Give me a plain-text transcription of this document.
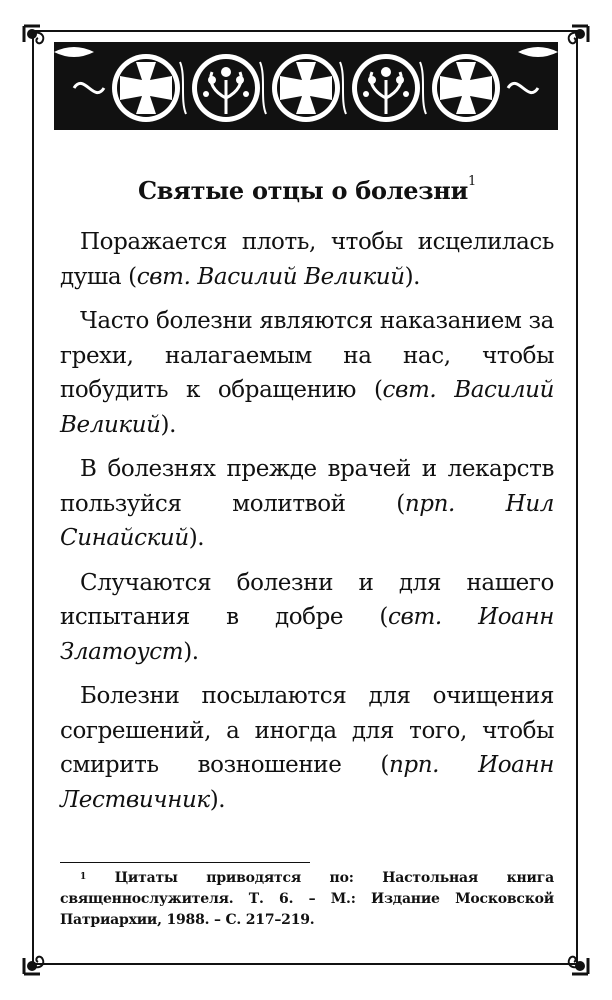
Святые отцы о болезни$^1$

Поражается плоть, чтобы исцелилась душа (свт. Василий Великий).

Часто болезни являются наказанием за грехи, налагаемым на нас, чтобы побудить к обращению (свт. Василий Великий).

В болезнях прежде врачей и лекарств пользуйся молитвой (прп. Нил Синайский).

Случаются болезни и для нашего испытания в добре (свт. Иоанн Златоуст).

Болезни посылаются для очищения согрешений, а иногда для того, чтобы смирить возношение (прп. Иоанн Лествичник).

$^1$ Цитаты приводятся по: Настольная книга священнослужителя. Т. 6. – М.: Издание Московской Патриархии, 1988. – С. 217–219.
